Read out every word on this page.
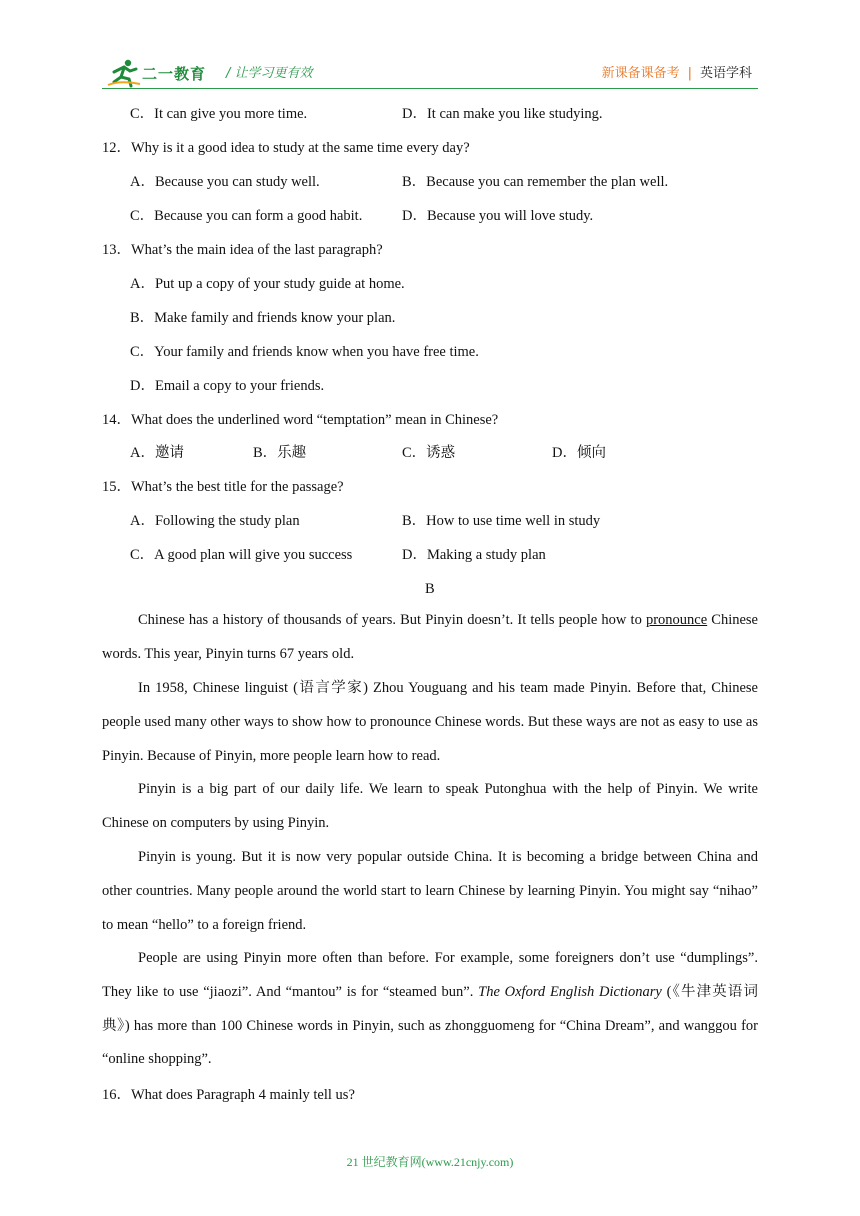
二一教育 / 让学习更有效	新课备课备考 | 英语学科
C．It can give you more time.	D．It can make you like studying.
12．Why is it a good idea to study at the same time every day?
A．Because you can study well.	B．Because you can remember the plan well.
C．Because you can form a good habit.	D．Because you will love study.
13．What’s the main idea of the last paragraph?
A．Put up a copy of your study guide at home.
B．Make family and friends know your plan.
C．Your family and friends know when you have free time.
D．Email a copy to your friends.
14．What does the underlined word “temptation” mean in Chinese?
A．邀请	B．乐趣	C．诱惑	D．倾向
15．What’s the best title for the passage?
A．Following the study plan	B．How to use time well in study
C．A good plan will give you success	D．Making a study plan
B
Chinese has a history of thousands of years. But Pinyin doesn’t. It tells people how to pronounce Chinese words. This year, Pinyin turns 67 years old.
In 1958, Chinese linguist (语言学家) Zhou Youguang and his team made Pinyin. Before that, Chinese people used many other ways to show how to pronounce Chinese words. But these ways are not as easy to use as Pinyin. Because of Pinyin, more people learn how to read.
Pinyin is a big part of our daily life. We learn to speak Putonghua with the help of Pinyin. We write Chinese on computers by using Pinyin.
Pinyin is young. But it is now very popular outside China. It is becoming a bridge between China and other countries. Many people around the world start to learn Chinese by learning Pinyin. You might say “nihao” to mean “hello” to a foreign friend.
People are using Pinyin more often than before. For example, some foreigners don’t use “dumplings”. They like to use “jiaozi”. And “mantou” is for “steamed bun”. The Oxford English Dictionary (《牛津英语词典》) has more than 100 Chinese words in Pinyin, such as zhongguomeng for “China Dream”, and wanggou for “online shopping”.
16．What does Paragraph 4 mainly tell us?
21 世纪教育网(www.21cnjy.com)
